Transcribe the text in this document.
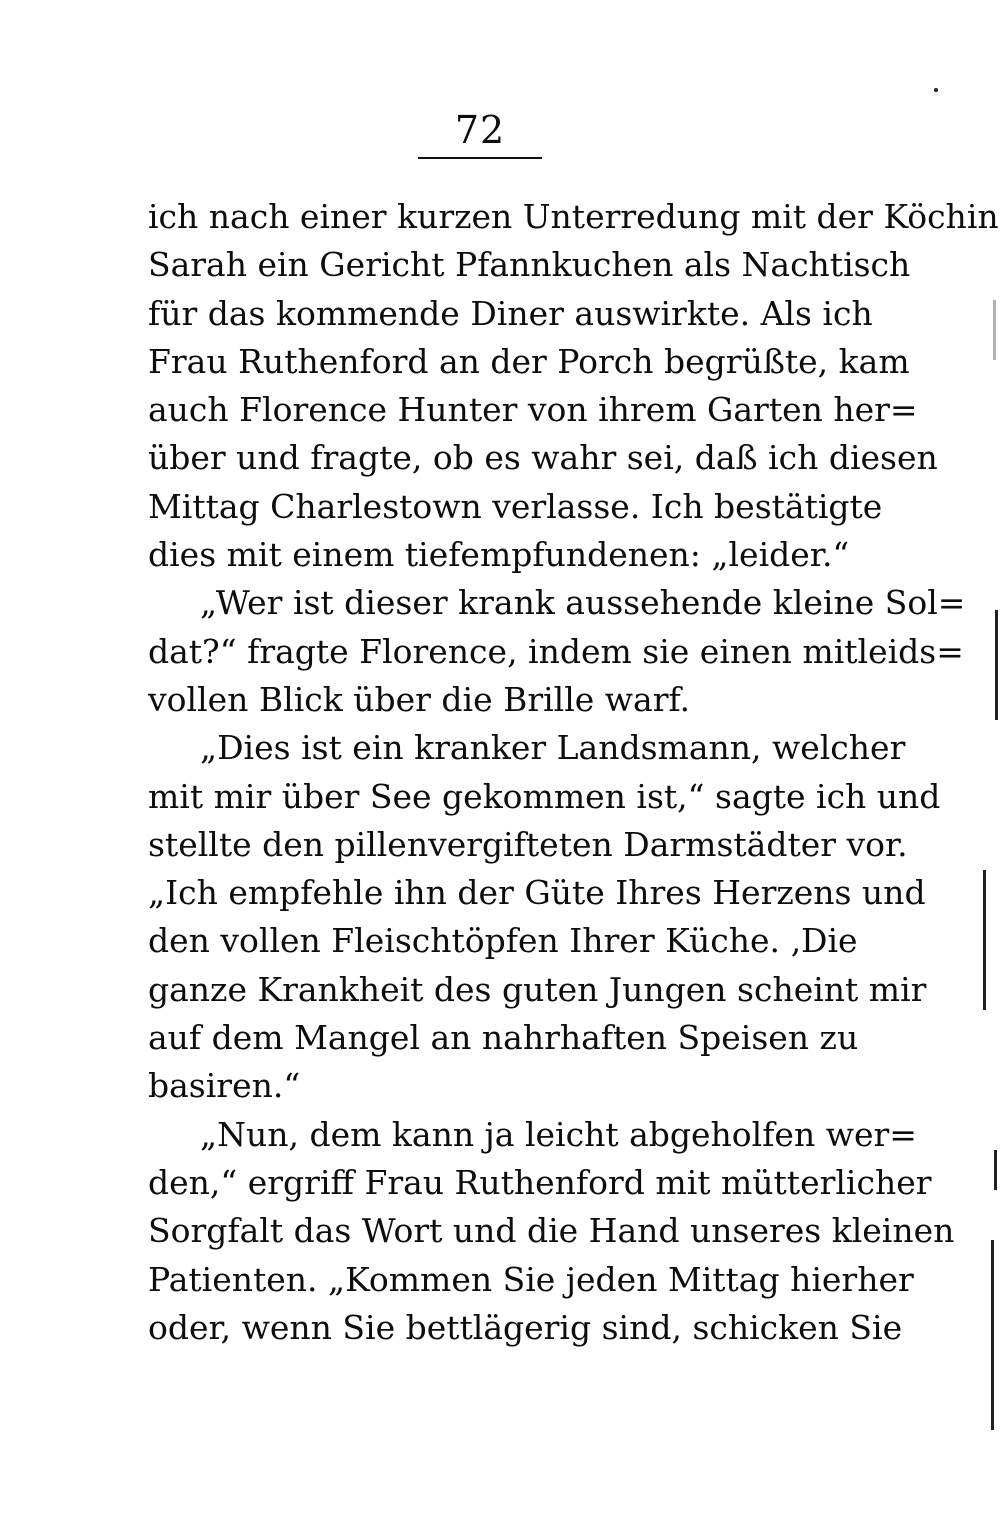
72
ich nach einer kurzen Unterredung mit der Köchin
Sarah ein Gericht Pfannkuchen als Nachtisch
für das kommende Diner auswirkte. Als ich
Frau Ruthenford an der Porch begrüßte, kam
auch Florence Hunter von ihrem Garten her=
über und fragte, ob es wahr sei, daß ich diesen
Mittag Charlestown verlasse. Ich bestätigte
dies mit einem tiefempfundenen: „leider.“
„Wer ist dieser krank aussehende kleine Sol=
dat?“ fragte Florence, indem sie einen mitleids=
vollen Blick über die Brille warf.
„Dies ist ein kranker Landsmann, welcher
mit mir über See gekommen ist,“ sagte ich und
stellte den pillenvergifteten Darmstädter vor.
„Ich empfehle ihn der Güte Ihres Herzens und
den vollen Fleischtöpfen Ihrer Küche. ‚Die
ganze Krankheit des guten Jungen scheint mir
auf dem Mangel an nahrhaften Speisen zu
basiren.“
„Nun, dem kann ja leicht abgeholfen wer=
den,“ ergriff Frau Ruthenford mit mütterlicher
Sorgfalt das Wort und die Hand unseres kleinen
Patienten. „Kommen Sie jeden Mittag hierher
oder, wenn Sie bettlägerig sind, schicken Sie
